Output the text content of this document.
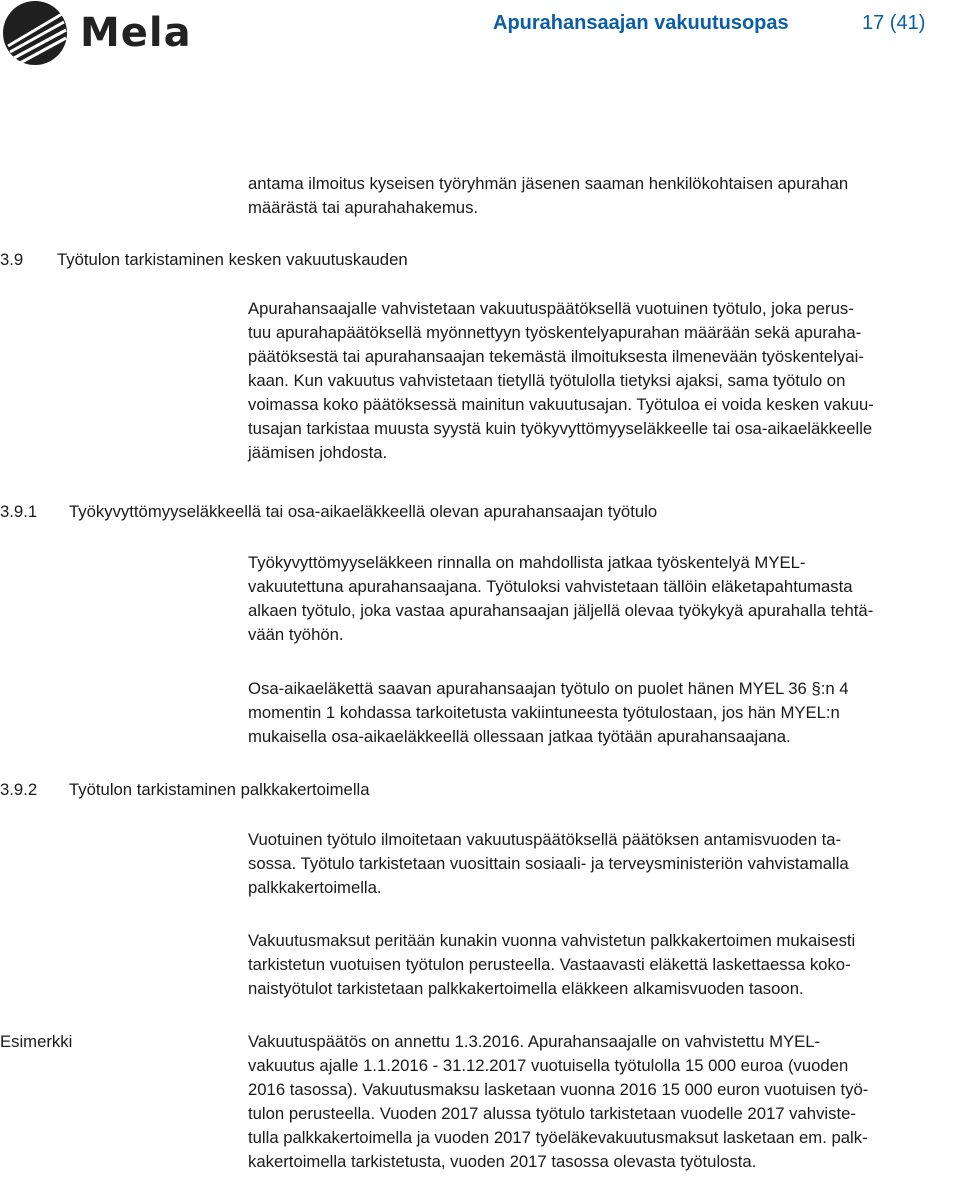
Mela	Apurahansaajan vakuutusopas	17 (41)
antama ilmoitus kyseisen työryhmän jäsenen saaman henkilökohtaisen apurahan
määrästä tai apurahahakemus.
3.9 Työtulon tarkistaminen kesken vakuutuskauden
Apurahansaajalle vahvistetaan vakuutuspäätöksellä vuotuinen työtulo, joka perus-
tuu apurahapäätöksellä myönnettyyn työskentelyapurahan määrään sekä apuraha-
päätöksestä tai apurahansaajan tekemästä ilmoituksesta ilmenevään työskentelyai-
kaan. Kun vakuutus vahvistetaan tietyllä työtulolla tietyksi ajaksi, sama työtulo on
voimassa koko päätöksessä mainitun vakuutusajan. Työtuloa ei voida kesken vakuu-
tusajan tarkistaa muusta syystä kuin työkyvyttömyyseläkkeelle tai osa-aikaeläkkeelle
jäämisen johdosta.
3.9.1 Työkyvyttömyyseläkkeellä tai osa-aikaeläkkeellä olevan apurahansaajan työtulo
Työkyvyttömyyseläkkeen rinnalla on mahdollista jatkaa työskentelyä MYEL-
vakuutettuna apurahansaajana. Työtuloksi vahvistetaan tällöin eläketapahtumasta
alkaen työtulo, joka vastaa apurahansaajan jäljellä olevaa työkykyä apurahalla tehtä-
vään työhön.
Osa-aikaeläkettä saavan apurahansaajan työtulo on puolet hänen MYEL 36 §:n 4
momentin 1 kohdassa tarkoitetusta vakiintuneesta työtulostaan, jos hän MYEL:n
mukaisella osa-aikaeläkkeellä ollessaan jatkaa työtään apurahansaajana.
3.9.2 Työtulon tarkistaminen palkkakertoimella
Vuotuinen työtulo ilmoitetaan vakuutuspäätöksellä päätöksen antamisvuoden ta-
sossa. Työtulo tarkistetaan vuosittain sosiaali- ja terveysministeriön vahvistamalla
palkkakertoimella.
Vakuutusmaksut peritään kunakin vuonna vahvistetun palkkakertoimen mukaisesti
tarkistetun vuotuisen työtulon perusteella. Vastaavasti eläkettä laskettaessa koko-
naistyötulot tarkistetaan palkkakertoimella eläkkeen alkamisvuoden tasoon.
Esimerkki	Vakuutuspäätös on annettu 1.3.2016. Apurahansaajalle on vahvistettu MYEL-
vakuutus ajalle 1.1.2016 - 31.12.2017 vuotuisella työtulolla 15 000 euroa (vuoden
2016 tasossa). Vakuutusmaksu lasketaan vuonna 2016 15 000 euron vuotuisen työ-
tulon perusteella. Vuoden 2017 alussa työtulo tarkistetaan vuodelle 2017 vahviste-
tulla palkkakertoimella ja vuoden 2017 työeläkevakuutusmaksut lasketaan em. palk-
kakertoimella tarkistetusta, vuoden 2017 tasossa olevasta työtulosta.
